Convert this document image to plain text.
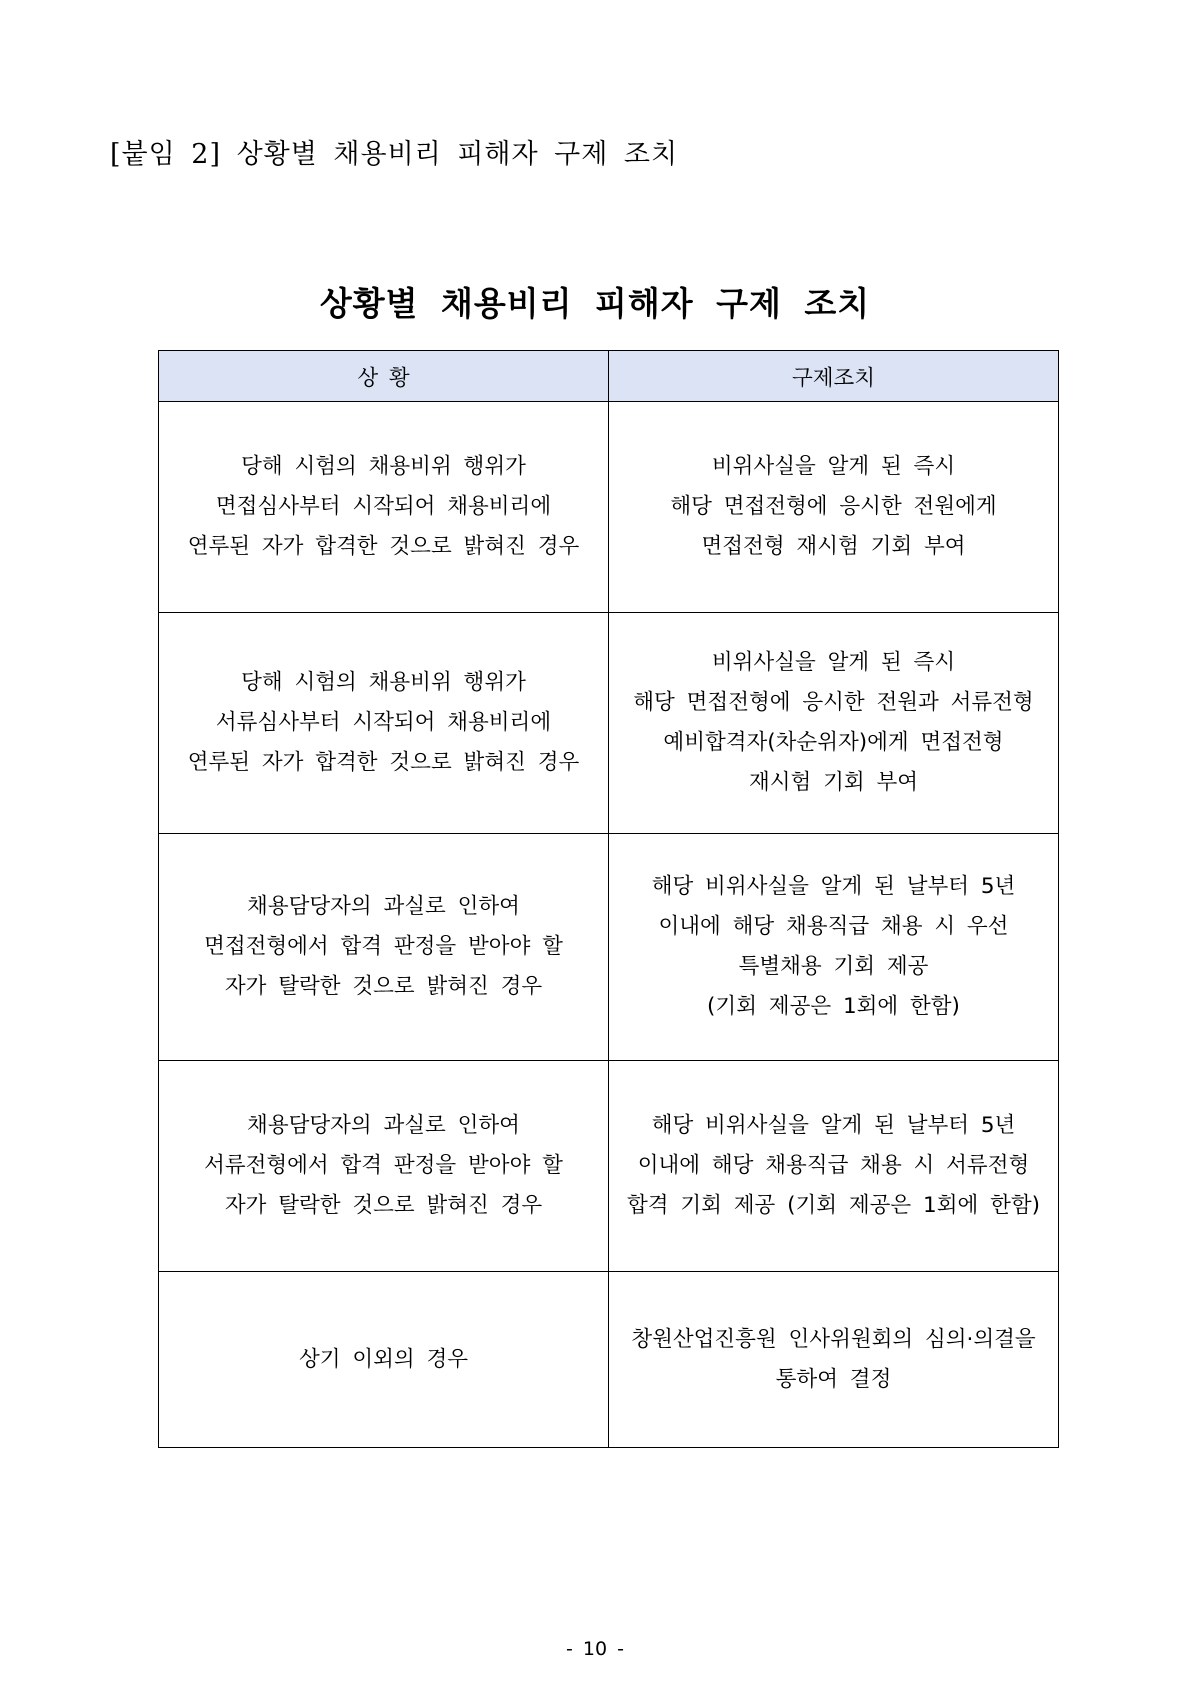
[붙임 2] 상황별 채용비리 피해자 구제 조치
상황별 채용비리 피해자 구제 조치
상 황	구제조치

당해 시험의 채용비위 행위가
면접심사부터 시작되어 채용비리에
연루된 자가 합격한 것으로 밝혀진 경우	비위사실을 알게 된 즉시
해당 면접전형에 응시한 전원에게
면접전형 재시험 기회 부여

당해 시험의 채용비위 행위가
서류심사부터 시작되어 채용비리에
연루된 자가 합격한 것으로 밝혀진 경우	비위사실을 알게 된 즉시
해당 면접전형에 응시한 전원과 서류전형
예비합격자(차순위자)에게 면접전형
재시험 기회 부여

채용담당자의 과실로 인하여
면접전형에서 합격 판정을 받아야 할
자가 탈락한 것으로 밝혀진 경우	해당 비위사실을 알게 된 날부터 5년
이내에 해당 채용직급 채용 시 우선
특별채용 기회 제공
(기회 제공은 1회에 한함)

채용담당자의 과실로 인하여
서류전형에서 합격 판정을 받아야 할
자가 탈락한 것으로 밝혀진 경우	해당 비위사실을 알게 된 날부터 5년
이내에 해당 채용직급 채용 시 서류전형
합격 기회 제공 (기회 제공은 1회에 한함)

상기 이외의 경우	창원산업진흥원 인사위원회의 심의·의결을
통하여 결정
- 10 -
